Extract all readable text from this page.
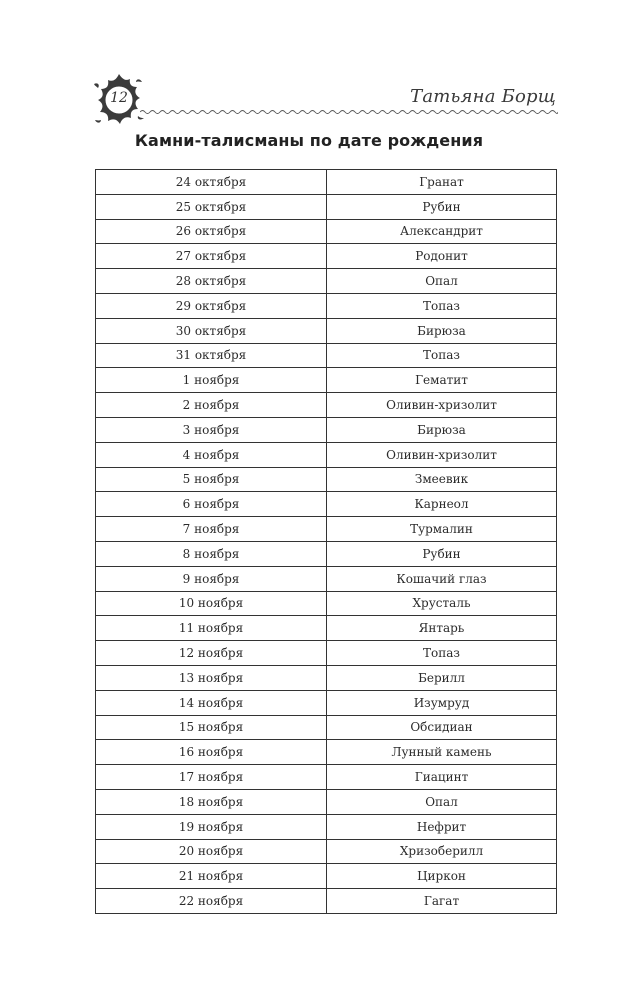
12	Татьяна Борщ
Камни-талисманы по дате рождения
24 октября	Гранат
25 октября	Рубин
26 октября	Александрит
27 октября	Родонит
28 октября	Опал
29 октября	Топаз
30 октября	Бирюза
31 октября	Топаз
1 ноября	Гематит
2 ноября	Оливин-хризолит
3 ноября	Бирюза
4 ноября	Оливин-хризолит
5 ноября	Змеевик
6 ноября	Карнеол
7 ноября	Турмалин
8 ноября	Рубин
9 ноября	Кошачий глаз
10 ноября	Хрусталь
11 ноября	Янтарь
12 ноября	Топаз
13 ноября	Берилл
14 ноября	Изумруд
15 ноября	Обсидиан
16 ноября	Лунный камень
17 ноября	Гиацинт
18 ноября	Опал
19 ноября	Нефрит
20 ноября	Хризоберилл
21 ноября	Циркон
22 ноября	Гагат
